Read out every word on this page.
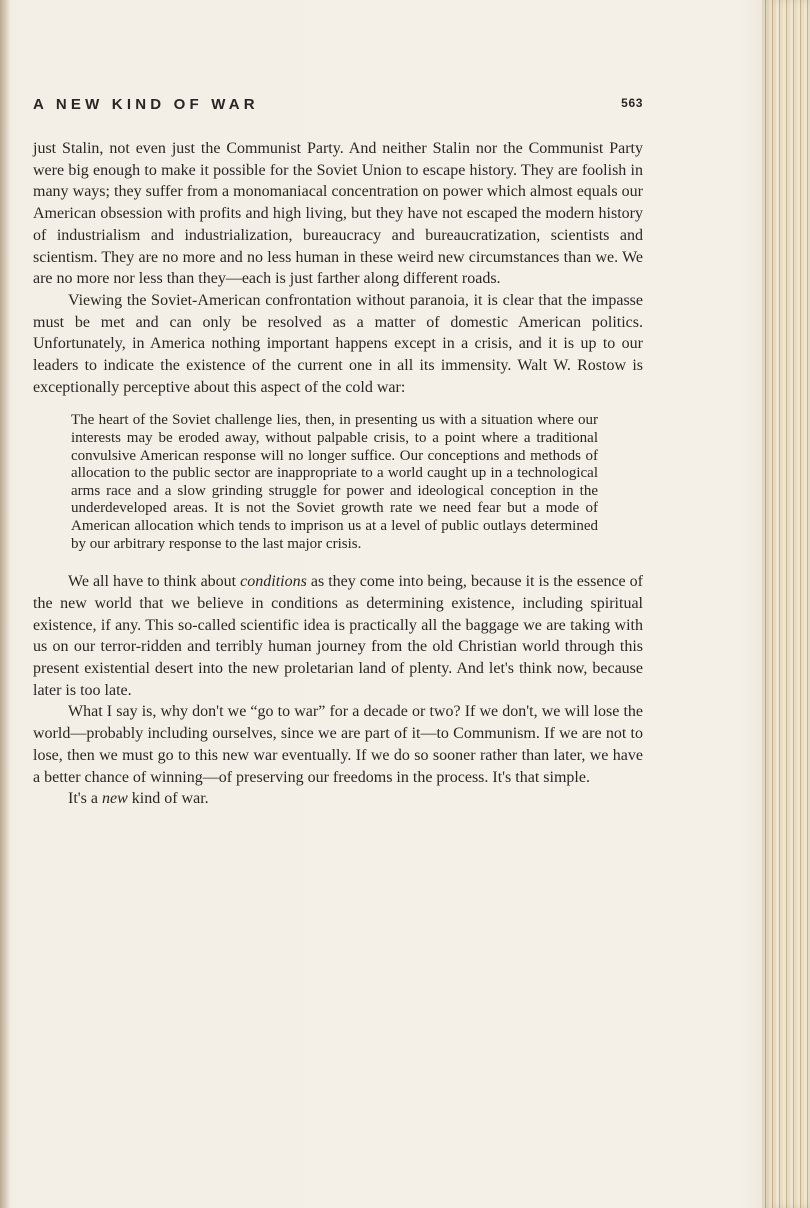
A NEW KIND OF WAR	563

just Stalin, not even just the Communist Party. And neither Stalin nor the Communist Party were big enough to make it possible for the Soviet Union to escape history. They are foolish in many ways; they suffer from a monomaniacal concentration on power which almost equals our American obsession with profits and high living, but they have not escaped the modern history of industrialism and industrialization, bureaucracy and bureaucratization, scientists and scientism. They are no more and no less human in these weird new circumstances than we. We are no more nor less than they—each is just farther along different roads.

Viewing the Soviet-American confrontation without paranoia, it is clear that the impasse must be met and can only be resolved as a matter of domestic American politics. Unfortunately, in America nothing important happens except in a crisis, and it is up to our leaders to indicate the existence of the current one in all its immensity. Walt W. Rostow is exceptionally perceptive about this aspect of the cold war:

The heart of the Soviet challenge lies, then, in presenting us with a situation where our interests may be eroded away, without palpable crisis, to a point where a traditional convulsive American response will no longer suffice. Our conceptions and methods of allocation to the public sector are inappropriate to a world caught up in a technological arms race and a slow grinding struggle for power and ideological conception in the underdeveloped areas. It is not the Soviet growth rate we need fear but a mode of American allocation which tends to imprison us at a level of public outlays determined by our arbitrary response to the last major crisis.

We all have to think about conditions as they come into being, because it is the essence of the new world that we believe in conditions as determining existence, including spiritual existence, if any. This so-called scientific idea is practically all the baggage we are taking with us on our terror-ridden and terribly human journey from the old Christian world through this present existential desert into the new proletarian land of plenty. And let's think now, because later is too late.

What I say is, why don't we “go to war” for a decade or two? If we don't, we will lose the world—probably including ourselves, since we are part of it—to Communism. If we are not to lose, then we must go to this new war eventually. If we do so sooner rather than later, we have a better chance of winning—of preserving our freedoms in the process. It's that simple.

It's a new kind of war.
